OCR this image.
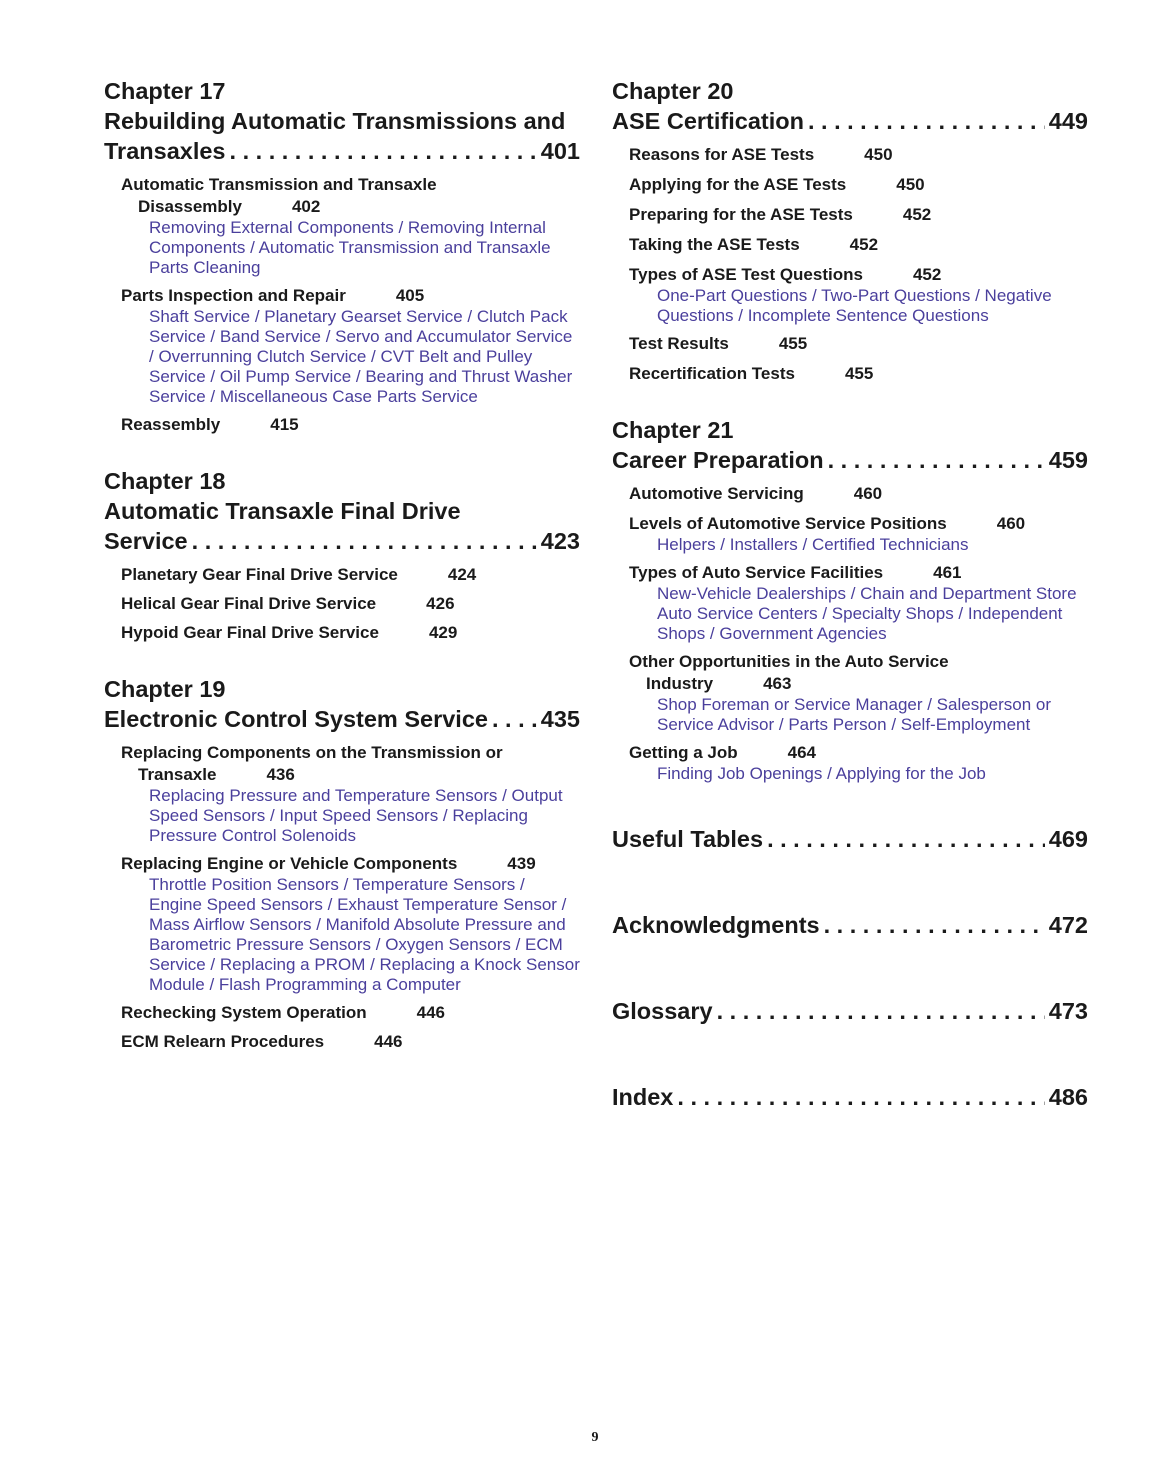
Chapter 17
Rebuilding Automatic Transmissions and
Transaxles . . .	401
Automatic Transmission and Transaxle
Disassembly	402
Removing External Components / Removing Internal Components / Automatic Transmission and Transaxle Parts Cleaning
Parts Inspection and Repair	405
Shaft Service / Planetary Gearset Service / Clutch Pack Service / Band Service / Servo and Accumulator Service / Overrunning Clutch Service / CVT Belt and Pulley Service / Oil Pump Service / Bearing and Thrust Washer Service / Miscellaneous Case Parts Service
Reassembly	415
Chapter 18
Automatic Transaxle Final Drive
Service . . .	423
Planetary Gear Final Drive Service	424
Helical Gear Final Drive Service	426
Hypoid Gear Final Drive Service	429
Chapter 19
Electronic Control System Service . . . 435
Replacing Components on the Transmission or
Transaxle	436
Replacing Pressure and Temperature Sensors / Output Speed Sensors / Input Speed Sensors / Replacing Pressure Control Solenoids
Replacing Engine or Vehicle Components	439
Throttle Position Sensors / Temperature Sensors / Engine Speed Sensors / Exhaust Temperature Sensor / Mass Airflow Sensors / Manifold Absolute Pressure and Barometric Pressure Sensors / Oxygen Sensors / ECM Service / Replacing a PROM / Replacing a Knock Sensor Module / Flash Programming a Computer
Rechecking System Operation	446
ECM Relearn Procedures	446
Chapter 20
ASE Certification . . .	449
Reasons for ASE Tests	450
Applying for the ASE Tests	450
Preparing for the ASE Tests	452
Taking the ASE Tests	452
Types of ASE Test Questions	452
One-Part Questions / Two-Part Questions / Negative Questions / Incomplete Sentence Questions
Test Results	455
Recertification Tests	455
Chapter 21
Career Preparation . . .	459
Automotive Servicing	460
Levels of Automotive Service Positions	460
Helpers / Installers / Certified Technicians
Types of Auto Service Facilities	461
New-Vehicle Dealerships / Chain and Department Store Auto Service Centers / Specialty Shops / Independent Shops / Government Agencies
Other Opportunities in the Auto Service
Industry	463
Shop Foreman or Service Manager / Salesperson or Service Advisor / Parts Person / Self-Employment
Getting a Job	464
Finding Job Openings / Applying for the Job
Useful Tables . . .	469
Acknowledgments . . .	472
Glossary . . .	473
Index . . .	486
9
